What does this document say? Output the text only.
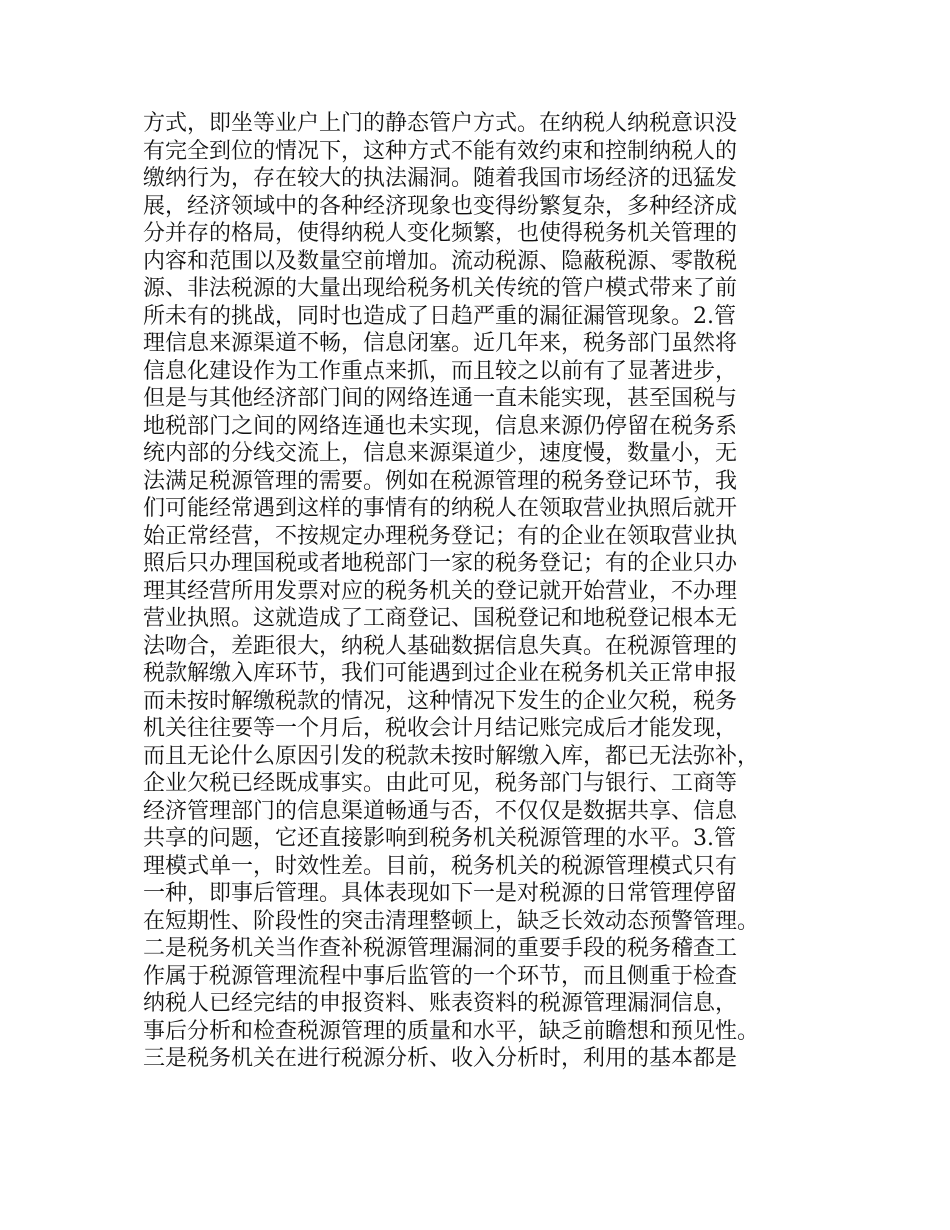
方式，即坐等业户上门的静态管户方式。在纳税人纳税意识没
有完全到位的情况下，这种方式不能有效约束和控制纳税人的
缴纳行为，存在较大的执法漏洞。随着我国市场经济的迅猛发
展，经济领域中的各种经济现象也变得纷繁复杂，多种经济成
分并存的格局，使得纳税人变化频繁，也使得税务机关管理的
内容和范围以及数量空前增加。流动税源、隐蔽税源、零散税
源、非法税源的大量出现给税务机关传统的管户模式带来了前
所未有的挑战，同时也造成了日趋严重的漏征漏管现象。2.管
理信息来源渠道不畅，信息闭塞。近几年来，税务部门虽然将
信息化建设作为工作重点来抓，而且较之以前有了显著进步，
但是与其他经济部门间的网络连通一直未能实现，甚至国税与
地税部门之间的网络连通也未实现，信息来源仍停留在税务系
统内部的分线交流上，信息来源渠道少，速度慢，数量小，无
法满足税源管理的需要。例如在税源管理的税务登记环节，我
们可能经常遇到这样的事情有的纳税人在领取营业执照后就开
始正常经营，不按规定办理税务登记；有的企业在领取营业执
照后只办理国税或者地税部门一家的税务登记；有的企业只办
理其经营所用发票对应的税务机关的登记就开始营业，不办理
营业执照。这就造成了工商登记、国税登记和地税登记根本无
法吻合，差距很大，纳税人基础数据信息失真。在税源管理的
税款解缴入库环节，我们可能遇到过企业在税务机关正常申报
而未按时解缴税款的情况，这种情况下发生的企业欠税，税务
机关往往要等一个月后，税收会计月结记账完成后才能发现，
而且无论什么原因引发的税款未按时解缴入库，都已无法弥补，
企业欠税已经既成事实。由此可见，税务部门与银行、工商等
经济管理部门的信息渠道畅通与否，不仅仅是数据共享、信息
共享的问题，它还直接影响到税务机关税源管理的水平。3.管
理模式单一，时效性差。目前，税务机关的税源管理模式只有
一种，即事后管理。具体表现如下一是对税源的日常管理停留
在短期性、阶段性的突击清理整顿上，缺乏长效动态预警管理。
二是税务机关当作查补税源管理漏洞的重要手段的税务稽查工
作属于税源管理流程中事后监管的一个环节，而且侧重于检查
纳税人已经完结的申报资料、账表资料的税源管理漏洞信息，
事后分析和检查税源管理的质量和水平，缺乏前瞻想和预见性。
三是税务机关在进行税源分析、收入分析时，利用的基本都是
